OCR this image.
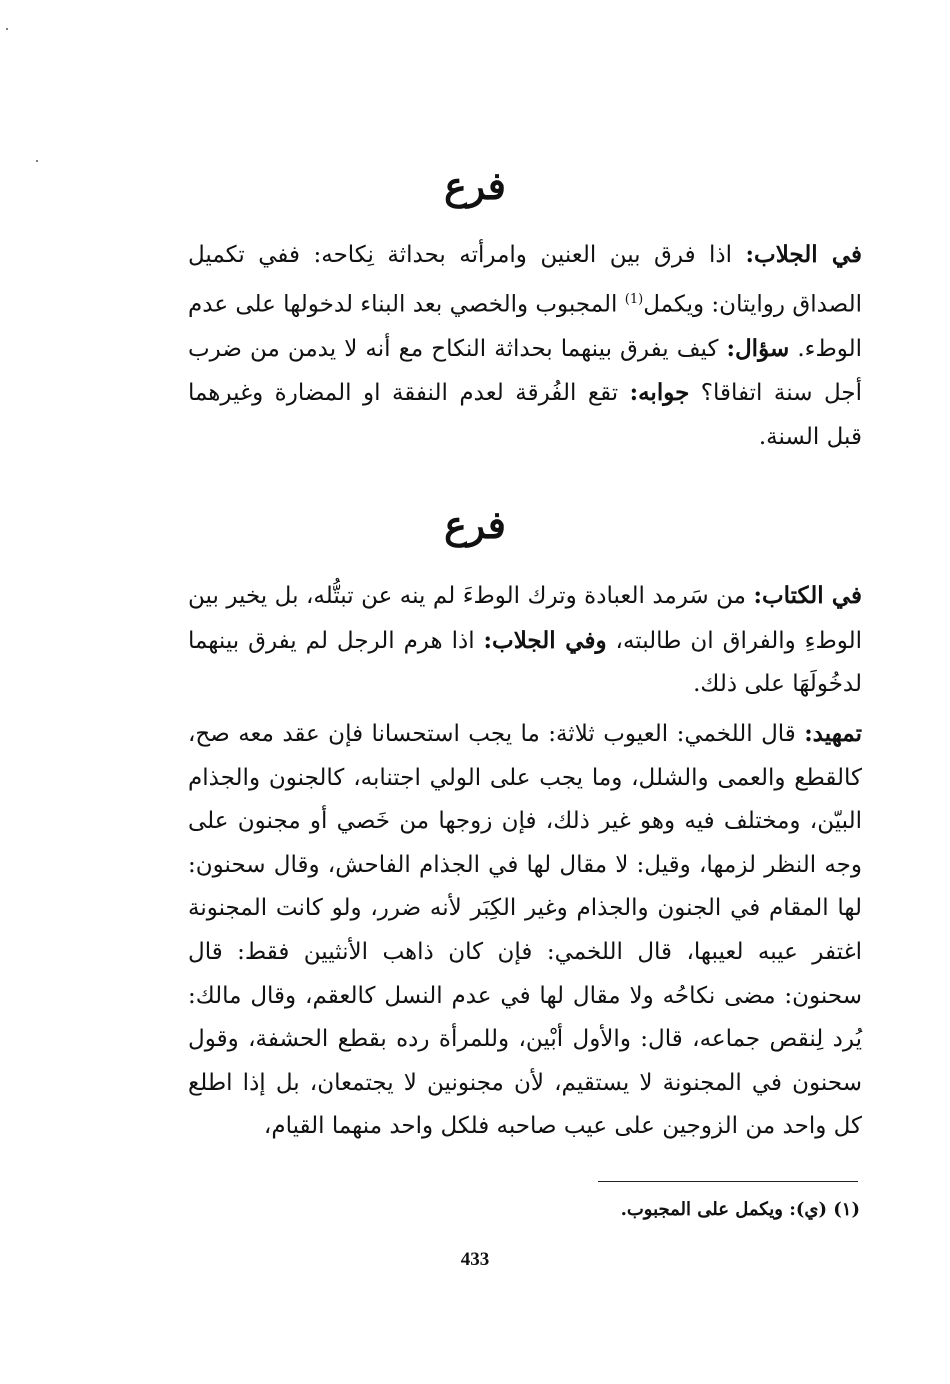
فرع
في الجلاب: اذا فرق بين العنين وامرأته بحداثة نِكاحه: ففي تكميل الصداق روايتان: ويكمل$^{(1)}$ المجبوب والخصي بعد البناء لدخولها على عدم الوطء. سؤال: كيف يفرق بينهما بحداثة النكاح مع أنه لا يدمن من ضرب أجل سنة اتفاقا؟ جوابه: تقع الفُرقة لعدم النفقة او المضارة وغيرهما قبل السنة.
فرع
في الكتاب: من سَرمد العبادة وترك الوطءَ لم ينه عن تبتُّله، بل يخير بين الوطءِ والفراق ان طالبته، وفي الجلاب: اذا هرم الرجل لم يفرق بينهما لدخُولَهَا على ذلك.
تمهيد: قال اللخمي: العيوب ثلاثة: ما يجب استحسانا فإن عقد معه صح، كالقطع والعمى والشلل، وما يجب على الولي اجتنابه، كالجنون والجذام البيّن، ومختلف فيه وهو غير ذلك، فإن زوجها من خَصي أو مجنون على وجه النظر لزمها، وقيل: لا مقال لها في الجذام الفاحش، وقال سحنون: لها المقام في الجنون والجذام وغير الكِبَر لأنه ضرر، ولو كانت المجنونة اغتفر عيبه لعيبها، قال اللخمي: فإن كان ذاهب الأنثيين فقط: قال سحنون: مضى نكاحُه ولا مقال لها في عدم النسل كالعقم، وقال مالك: يُرد لِنقص جماعه، قال: والأول أبْين، وللمرأة رده بقطع الحشفة، وقول سحنون في المجنونة لا يستقيم، لأن مجنونين لا يجتمعان، بل إذا اطلع كل واحد من الزوجين على عيب صاحبه فلكل واحد منهما القيام،
(١) (ي): ويكمل على المجبوب.
433
